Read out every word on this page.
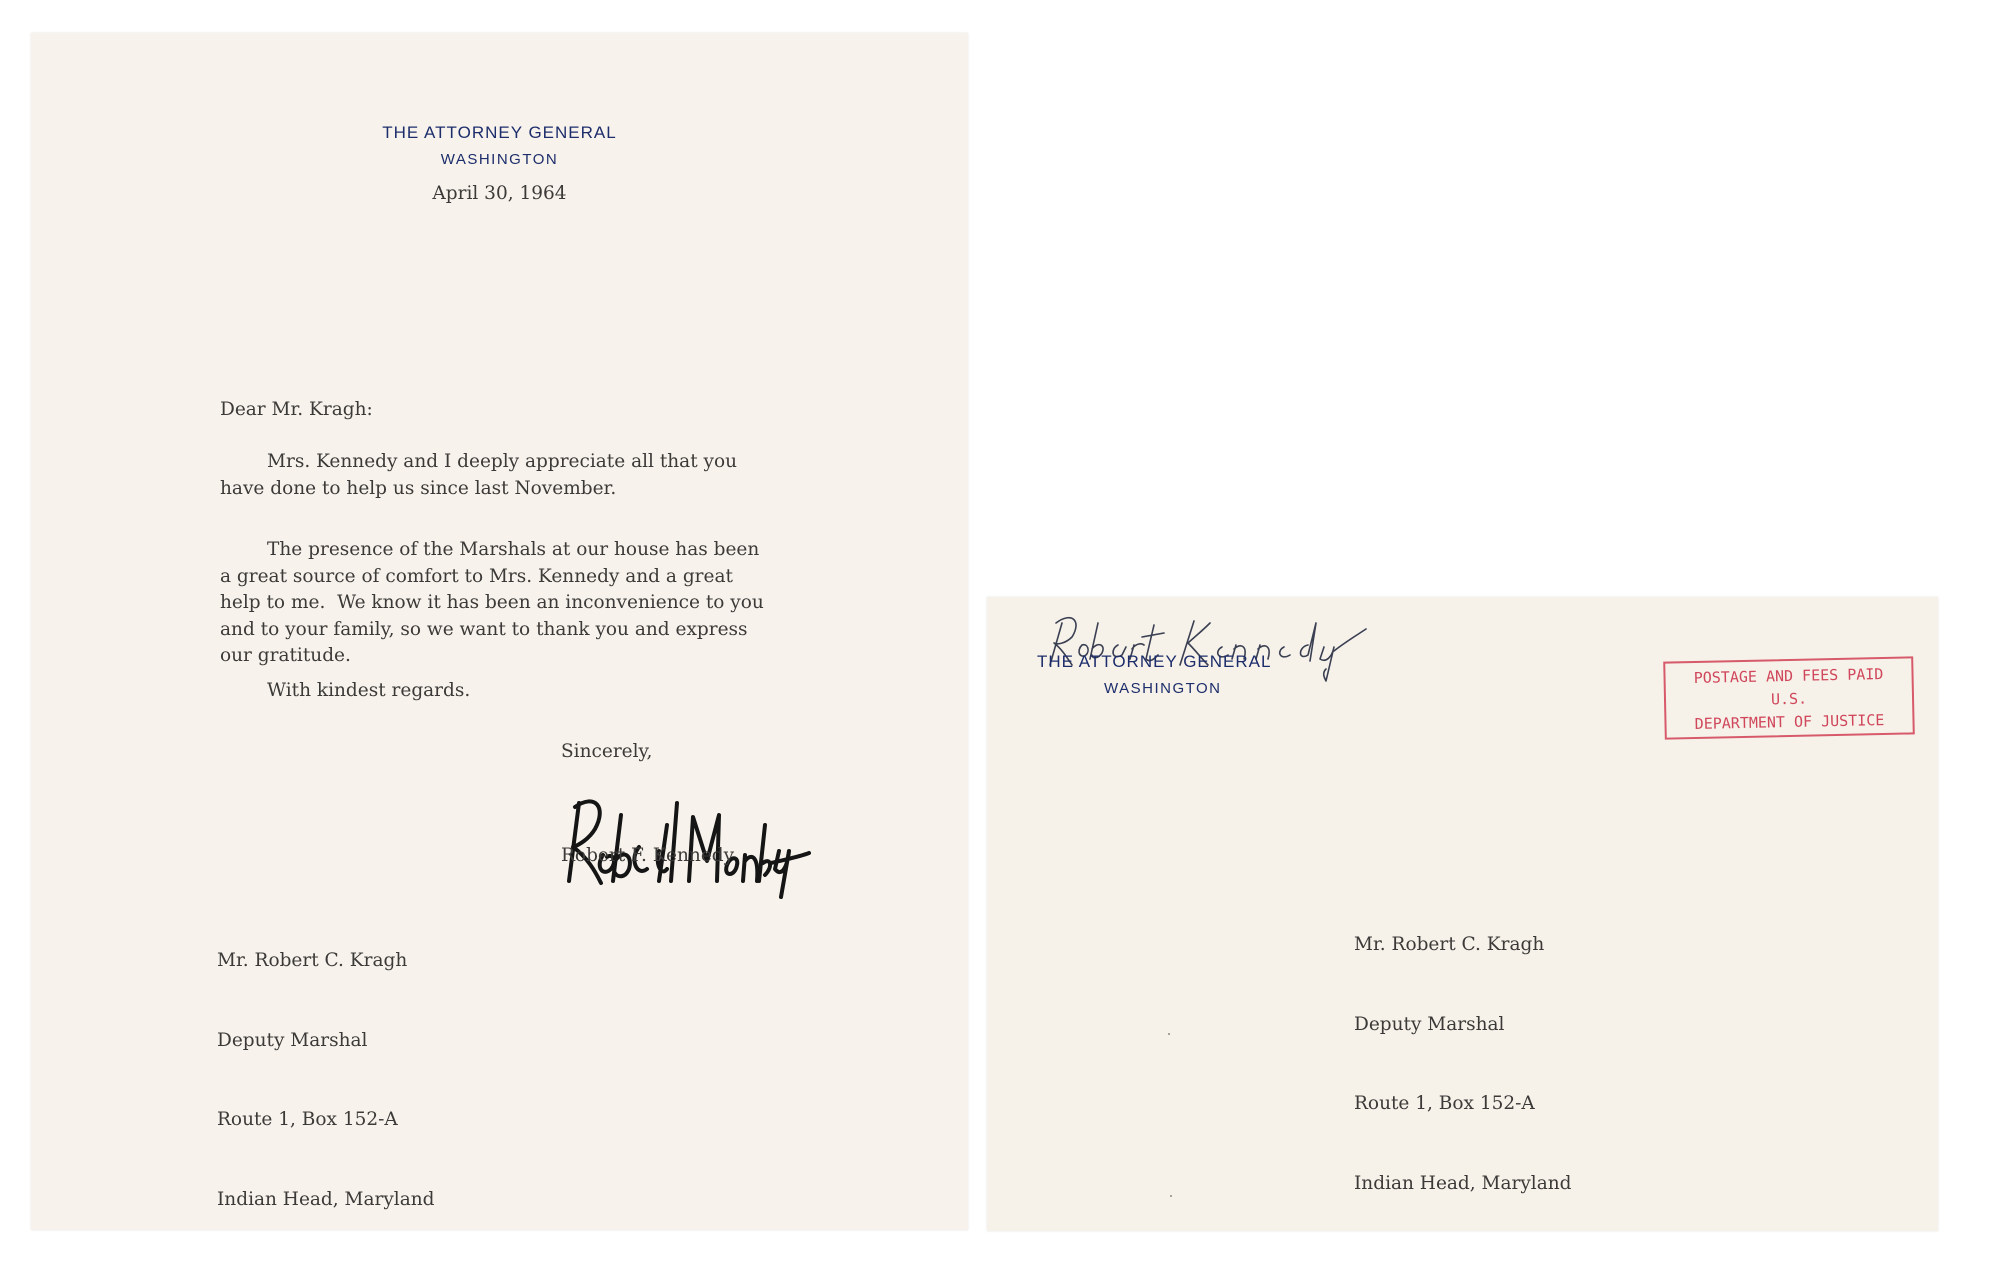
THE ATTORNEY GENERAL
WASHINGTON
April 30, 1964
Dear Mr. Kragh:
Mrs. Kennedy and I deeply appreciate all that you
have done to help us since last November.
The presence of the Marshals at our house has been
a great source of comfort to Mrs. Kennedy and a great
help to me.  We know it has been an inconvenience to you
and to your family, so we want to thank you and express
our gratitude.
With kindest regards.
Sincerely,
Robert F. Kennedy

Mr. Robert C. Kragh

Deputy Marshal

Route 1, Box 152-A

Indian Head, Maryland

THE ATTORNEY GENERAL
WASHINGTON
POSTAGE AND FEES PAID
U.S.
DEPARTMENT OF JUSTICE

Mr. Robert C. Kragh

Deputy Marshal

Route 1, Box 152-A

Indian Head, Maryland
